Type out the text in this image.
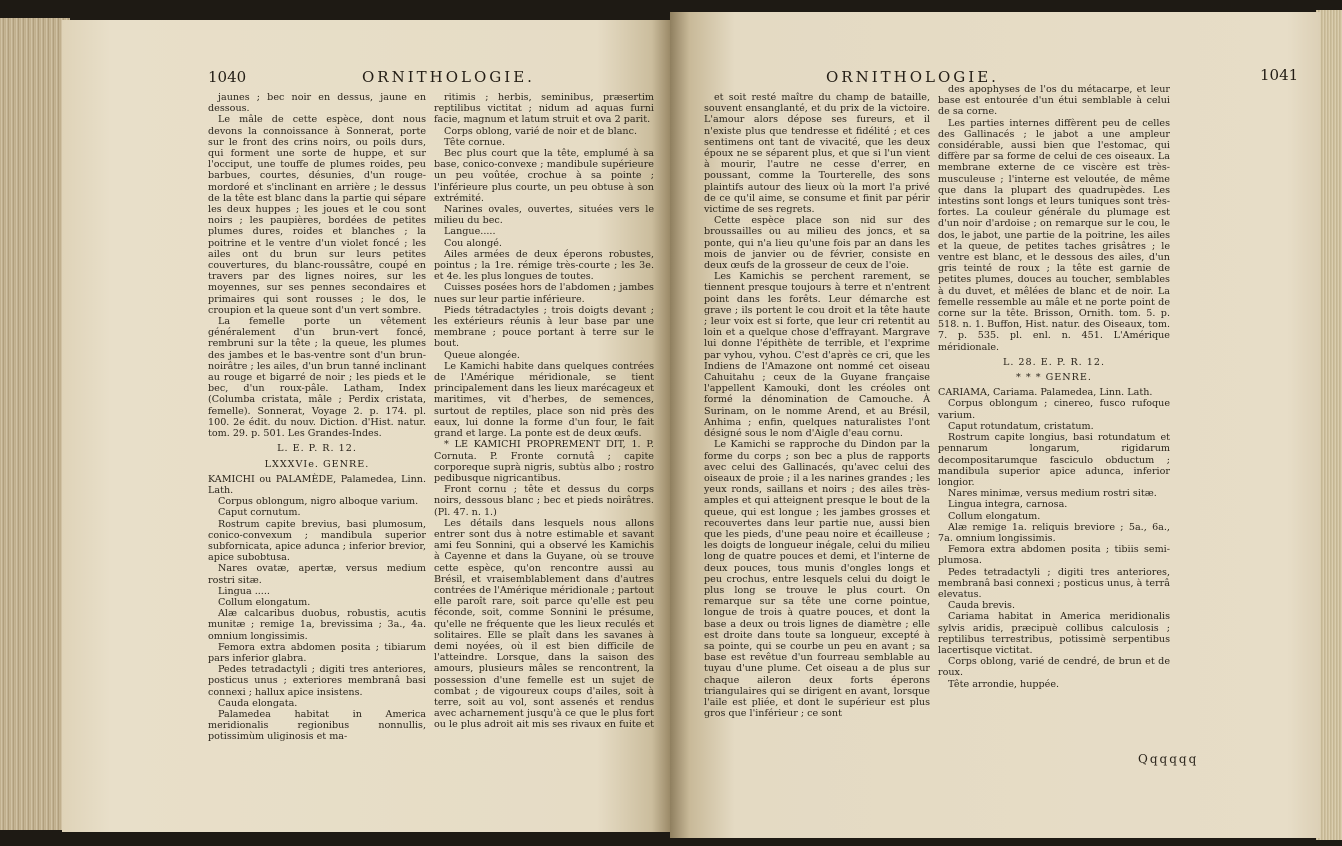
1040	ORNITHOLOGIE.

jaunes ; bec noir en dessus, jaune en dessous.

Le mâle de cette espèce, dont nous devons la connoissance à Sonnerat, porte sur le front des crins noirs, ou poils durs, qui forment une sorte de huppe, et sur l'occiput, une touffe de plumes roides, peu barbues, courtes, désunies, d'un rouge-mordoré et s'inclinant en arrière ; le dessus de la tête est blanc dans la partie qui sépare les deux huppes ; les joues et le cou sont noirs ; les paupières, bordées de petites plumes dures, roides et blanches ; la poitrine et le ventre d'un violet foncé ; les ailes ont du brun sur leurs petites couvertures, du blanc-roussâtre, coupé en travers par des lignes noires, sur les moyennes, sur ses pennes secondaires et primaires qui sont rousses ; le dos, le croupion et la queue sont d'un vert sombre.

La femelle porte un vêtement généralement d'un brun-vert foncé, rembruni sur la tête ; la queue, les plumes des jambes et le bas-ventre sont d'un brun-noirâtre ; les ailes, d'un brun tanné inclinant au rouge et bigarré de noir ; les pieds et le bec, d'un roux-pâle. Latham, Index (Columba cristata, mâle ; Perdix cristata, femelle). Sonnerat, Voyage 2. p. 174. pl. 100. 2e édit. du nouv. Diction. d'Hist. natur. tom. 29. p. 501. Les Grandes-Indes.

L. E. P. R. 12.

LXXXVIe. GENRE.

KAMICHI ou PALAMÈDE, Palamedea, Linn. Lath.

Corpus oblongum, nigro alboque varium.

Caput cornutum.

Rostrum capite brevius, basi plumosum, conico-convexum ; mandibula superior subfornicata, apice adunca ; inferior brevior, apice subobtusa.

Nares ovatæ, apertæ, versus medium rostri sitæ.

Lingua .....

Collum elongatum.

Alæ calcaribus duobus, robustis, acutis munitæ ; remige 1a, brevissima ; 3a., 4a. omnium longissimis.

Femora extra abdomen posita ; tibiarum pars inferior glabra.

Pedes tetradactyli ; digiti tres anteriores, posticus unus ; exteriores membranâ basi connexi ; hallux apice insistens.

Cauda elongata.

Palamedea habitat in America meridionalis regionibus nonnullis, potissimùm uliginosis et ma-

ritimis ; herbis, seminibus, præsertim reptilibus victitat ; nidum ad aquas furni facie, magnum et latum struit et ova 2 parit.

Corps oblong, varié de noir et de blanc.

Tête cornue.

Bec plus court que la tête, emplumé à sa base, conico-convexe ; mandibule supérieure un peu voûtée, crochue à sa pointe ; l'inférieure plus courte, un peu obtuse à son extrémité.

Narines ovales, ouvertes, situées vers le milieu du bec.

Langue.....

Cou alongé.

Ailes armées de deux éperons robustes, pointus ; la 1re. rémige très-courte ; les 3e. et 4e. les plus longues de toutes.

Cuisses posées hors de l'abdomen ; jambes nues sur leur partie inférieure.

Pieds tétradactyles ; trois doigts devant ; les extérieurs réunis à leur base par une membrane ; pouce portant à terre sur le bout.

Queue alongée.

Le Kamichi habite dans quelques contrées de l'Amérique méridionale, se tient principalement dans les lieux marécageux et maritimes, vit d'herbes, de semences, surtout de reptiles, place son nid près des eaux, lui donne la forme d'un four, le fait grand et large. La ponte est de deux œufs.

* LE KAMICHI PROPREMENT DIT, 1. P. Cornuta. P. Fronte cornutâ ; capite corporeque suprà nigris, subtùs albo ; rostro pedibusque nigricantibus.

Front cornu ; tête et dessus du corps noirs, dessous blanc ; bec et pieds noirâtres. (Pl. 47. n. 1.)

Les détails dans lesquels nous allons entrer sont dus à notre estimable et savant ami feu Sonnini, qui a observé les Kamichis à Cayenne et dans la Guyane, où se trouve cette espèce, qu'on rencontre aussi au Brésil, et vraisemblablement dans d'autres contrées de l'Amérique méridionale ; partout elle paroît rare, soit parce qu'elle est peu féconde, soit, comme Sonnini le présume, qu'elle ne fréquente que les lieux reculés et solitaires. Elle se plaît dans les savanes à demi noyées, où il est bien difficile de l'atteindre. Lorsque, dans la saison des amours, plusieurs mâles se rencontrent, la possession d'une femelle est un sujet de combat ; de vigoureux coups d'ailes, soit à terre, soit au vol, sont assenés et rendus avec acharnement jusqu'à ce que le plus fort ou le plus adroit ait mis ses rivaux en fuite et

ORNITHOLOGIE.	1041

et soit resté maître du champ de bataille, souvent ensanglanté, et du prix de la victoire. L'amour alors dépose ses fureurs, et il n'existe plus que tendresse et fidélité ; et ces sentimens ont tant de vivacité, que les deux époux ne se séparent plus, et que si l'un vient à mourir, l'autre ne cesse d'errer, en poussant, comme la Tourterelle, des sons plaintifs autour des lieux où la mort l'a privé de ce qu'il aime, se consume et finit par périr victime de ses regrets.

Cette espèce place son nid sur des broussailles ou au milieu des joncs, et sa ponte, qui n'a lieu qu'une fois par an dans les mois de janvier ou de février, consiste en deux œufs de la grosseur de ceux de l'oie.

Les Kamichis se perchent rarement, se tiennent presque toujours à terre et n'entrent point dans les forêts. Leur démarche est grave ; ils portent le cou droit et la tête haute ; leur voix est si forte, que leur cri retentit au loin et a quelque chose d'effrayant. Margrave lui donne l'épithète de terrible, et l'exprime par vyhou, vyhou. C'est d'après ce cri, que les Indiens de l'Amazone ont nommé cet oiseau Cahuitahu ; ceux de la Guyane française l'appellent Kamouki, dont les créoles ont formé la dénomination de Camouche. À Surinam, on le nomme Arend, et au Brésil, Anhima ; enfin, quelques naturalistes l'ont désigné sous le nom d'Aigle d'eau cornu.

Le Kamichi se rapproche du Dindon par la forme du corps ; son bec a plus de rapports avec celui des Gallinacés, qu'avec celui des oiseaux de proie ; il a les narines grandes ; les yeux ronds, saillans et noirs ; des ailes très-amples et qui atteignent presque le bout de la queue, qui est longue ; les jambes grosses et recouvertes dans leur partie nue, aussi bien que les pieds, d'une peau noire et écailleuse ; les doigts de longueur inégale, celui du milieu long de quatre pouces et demi, et l'interne de deux pouces, tous munis d'ongles longs et peu crochus, entre lesquels celui du doigt le plus long se trouve le plus court. On remarque sur sa tête une corne pointue, longue de trois à quatre pouces, et dont la base a deux ou trois lignes de diamètre ; elle est droite dans toute sa longueur, excepté à sa pointe, qui se courbe un peu en avant ; sa base est revêtue d'un fourreau semblable au tuyau d'une plume. Cet oiseau a de plus sur chaque aileron deux forts éperons triangulaires qui se dirigent en avant, lorsque l'aile est pliée, et dont le supérieur est plus gros que l'inférieur ; ce sont

des apophyses de l'os du métacarpe, et leur base est entourée d'un étui semblable à celui de sa corne.

Les parties internes diffèrent peu de celles des Gallinacés ; le jabot a une ampleur considérable, aussi bien que l'estomac, qui diffère par sa forme de celui de ces oiseaux. La membrane externe de ce viscère est très-musculeuse ; l'interne est veloutée, de même que dans la plupart des quadrupèdes. Les intestins sont longs et leurs tuniques sont très-fortes. La couleur générale du plumage est d'un noir d'ardoise ; on remarque sur le cou, le dos, le jabot, une partie de la poitrine, les ailes et la queue, de petites taches grisâtres ; le ventre est blanc, et le dessous des ailes, d'un gris teinté de roux ; la tête est garnie de petites plumes, douces au toucher, semblables à du duvet, et mêlées de blanc et de noir. La femelle ressemble au mâle et ne porte point de corne sur la tête. Brisson, Ornith. tom. 5. p. 518. n. 1. Buffon, Hist. natur. des Oiseaux, tom. 7. p. 535. pl. enl. n. 451. L'Amérique méridionale.

L. 28. E. P. R. 12.

* * * GENRE.

CARIAMA, Cariama. Palamedea, Linn. Lath.

Corpus oblongum ; cinereo, fusco rufoque varium.

Caput rotundatum, cristatum.

Rostrum capite longius, basi rotundatum et pennarum longarum, rigidarum decompositarumque fasciculo obductum ; mandibula superior apice adunca, inferior longior.

Nares minimæ, versus medium rostri sitæ.

Lingua integra, carnosa.

Collum elongatum.

Alæ remige 1a. reliquis breviore ; 5a., 6a., 7a. omnium longissimis.

Femora extra abdomen posita ; tibiis semi-plumosa.

Pedes tetradactyli ; digiti tres anteriores, membranâ basi connexi ; posticus unus, à terrâ elevatus.

Cauda brevis.

Cariama habitat in America meridionalis sylvis aridis, præcipuè collibus calculosis ; reptilibus terrestribus, potissimè serpentibus lacertisque victitat.

Corps oblong, varié de cendré, de brun et de roux.

Tête arrondie, huppée.

Qqqqqq
